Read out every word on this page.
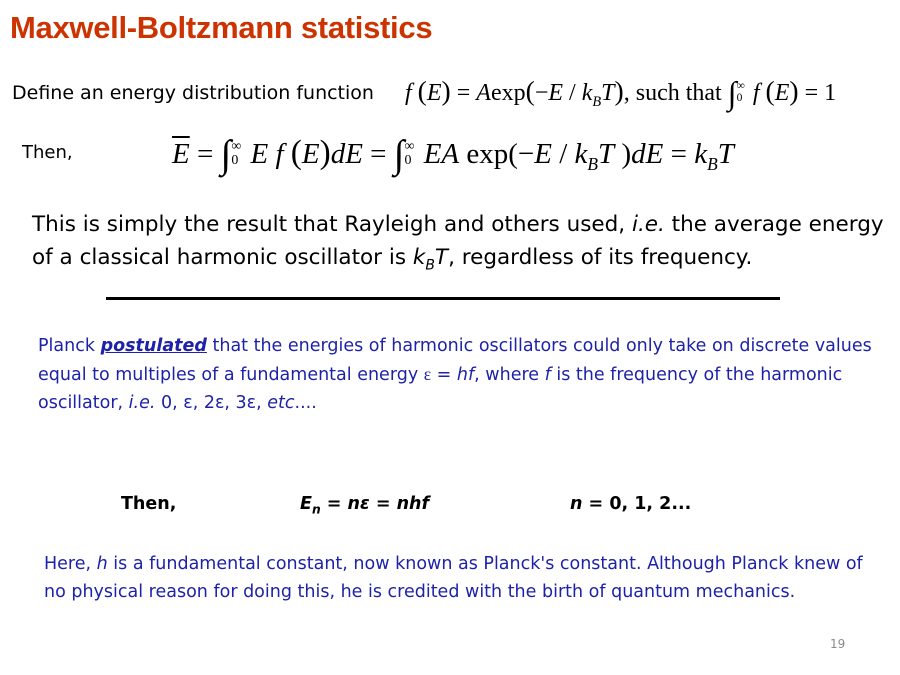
Maxwell-Boltzmann statistics
Define an energy distribution function f $(E) = Aexp(-E / k_BT)$, such that ∫∞
0 f (E) = 1
Then,	$\overline{E}$ = ∫∞
0 E f (E)dE = ∫∞
0 EA $\exp(-E / k_BT$ )$dE = k_BT$
This is simply the result that Rayleigh and others used, i.e. the average energy of a classical harmonic oscillator is $k_BT$, regardless of its frequency.
Planck postulated that the energies of harmonic oscillators could only take on discrete values equal to multiples of a fundamental energy ε = hf, where f is the frequency of the harmonic oscillator, i.e. 0, ε, 2ε, 3ε, etc....
Then,	$E_n = n\varepsilon$ = nhf	n = 0, 1, 2...
Here, h is a fundamental constant, now known as Planck's constant. Although Planck knew of no physical reason for doing this, he is credited with the birth of quantum mechanics.
19
